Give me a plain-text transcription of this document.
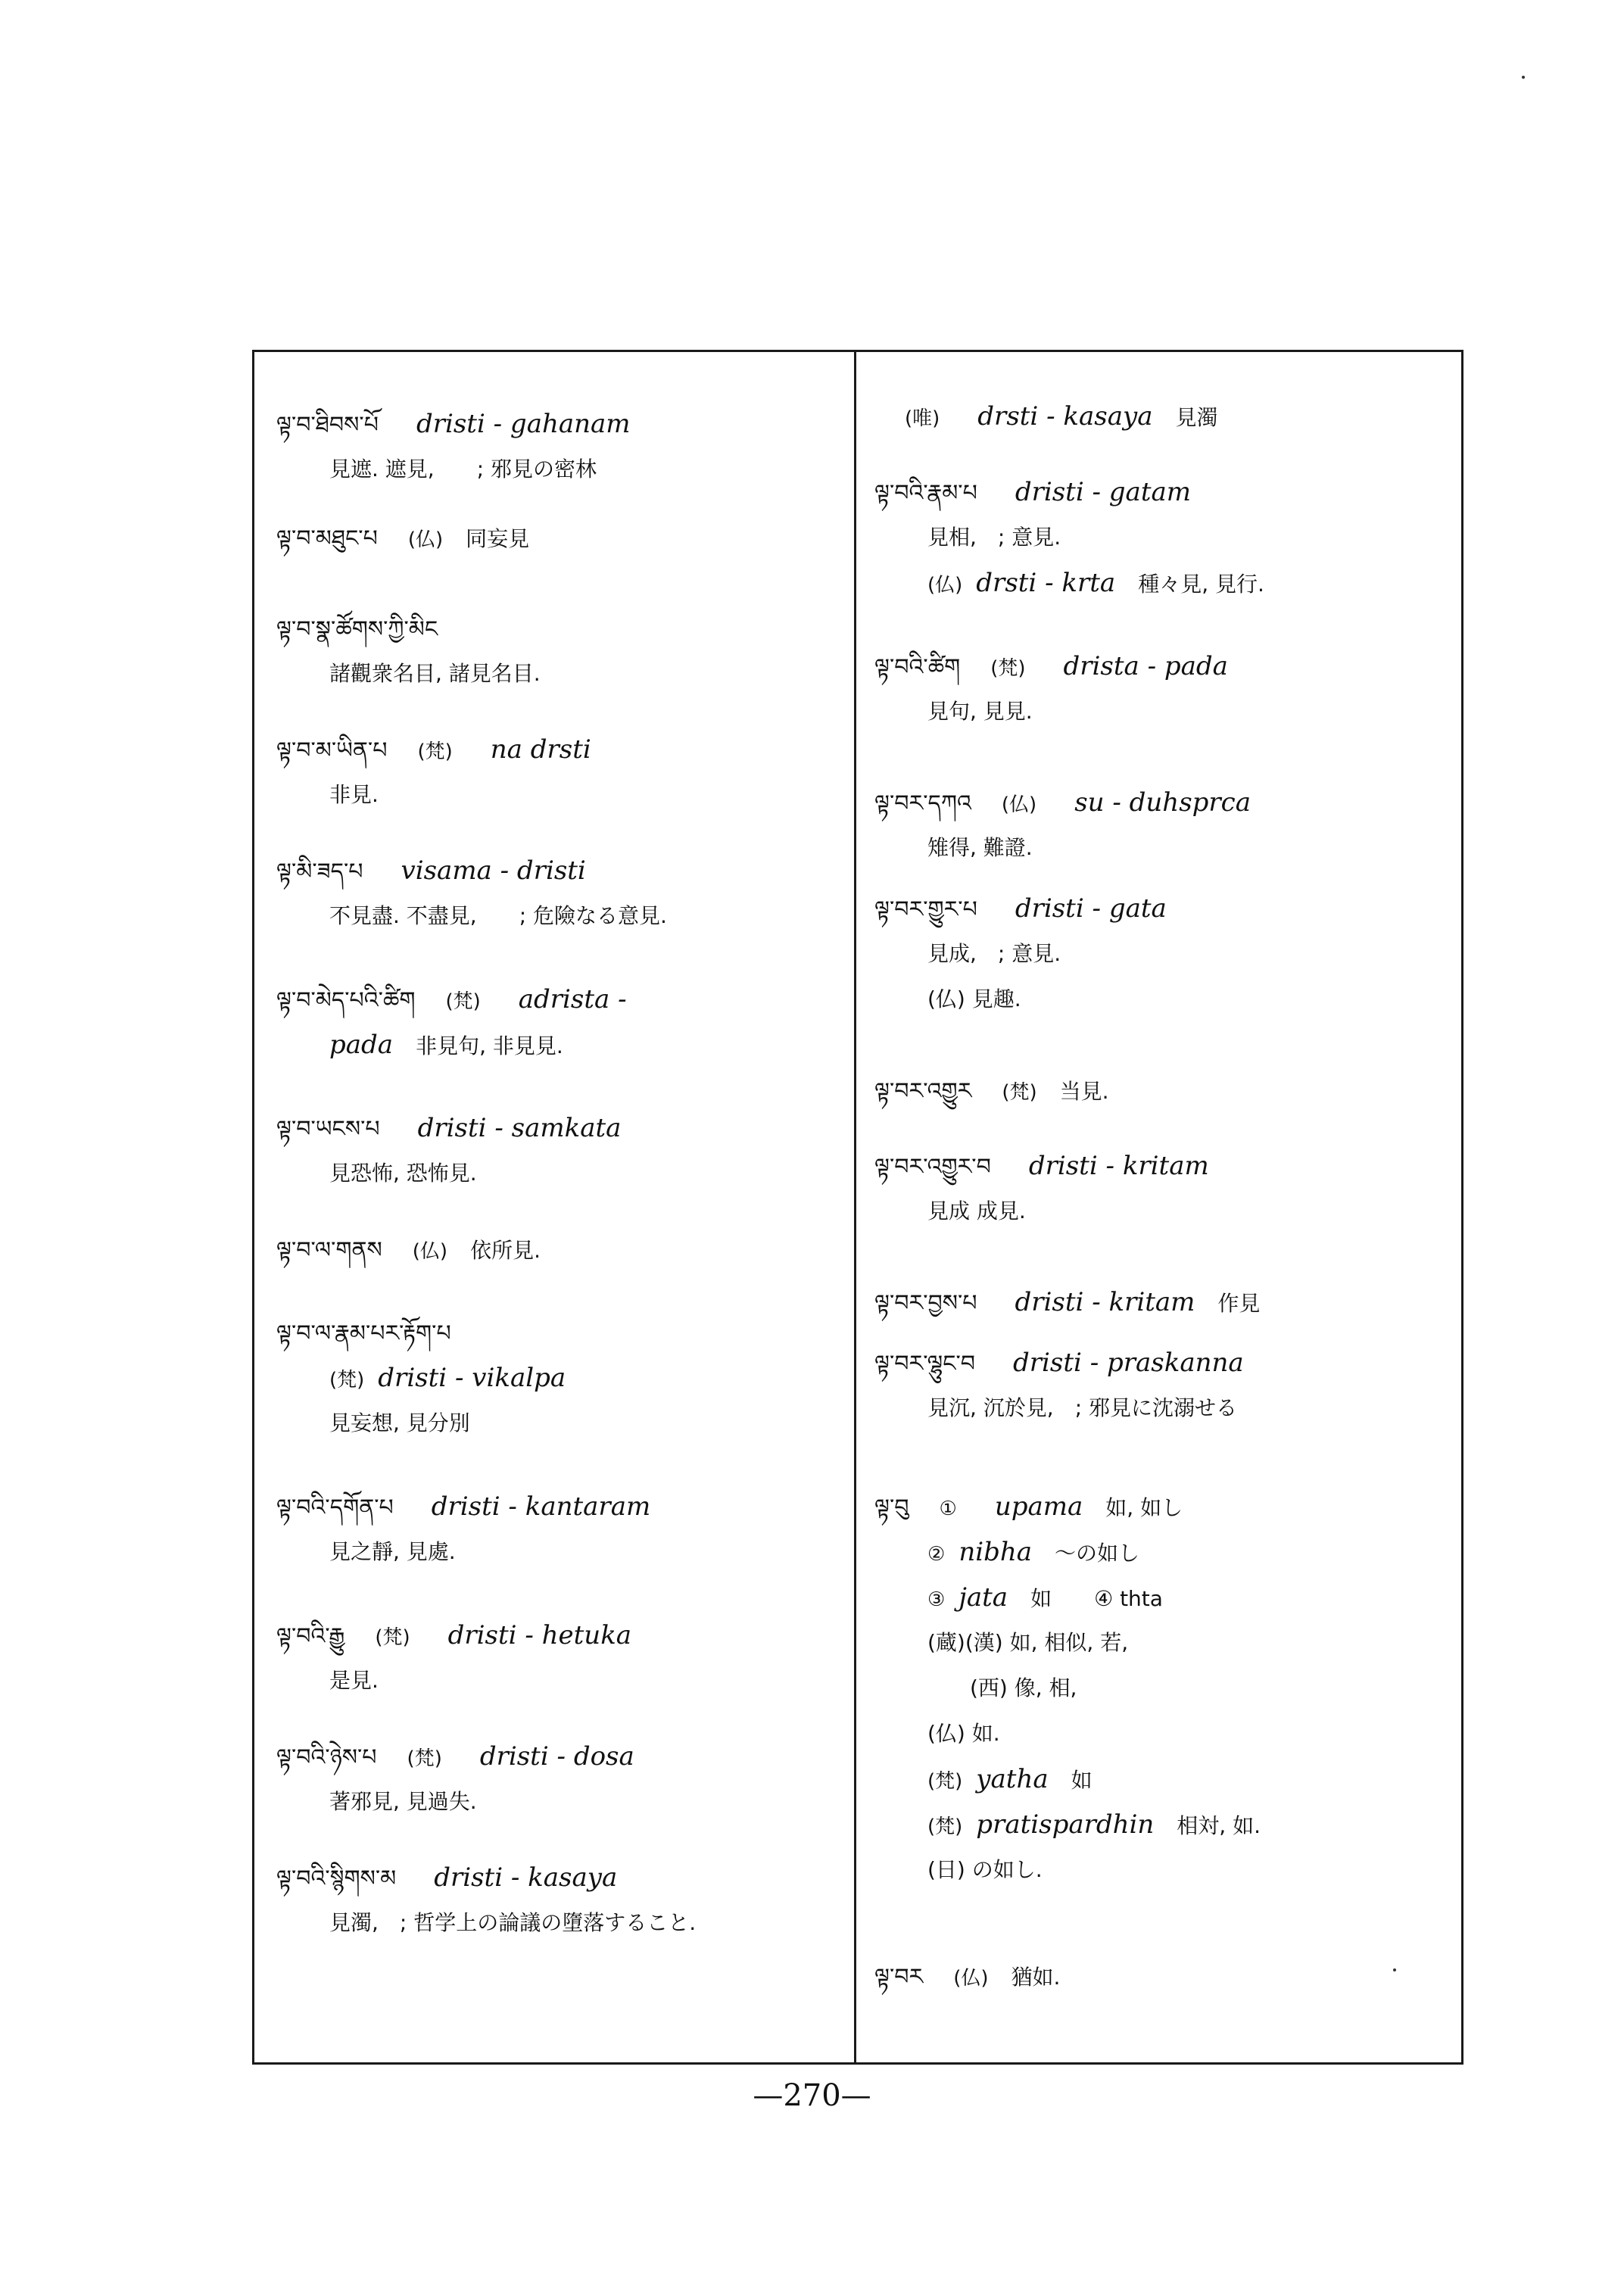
ལྟ་བ་ཐིབས་པོ dristi - gahanam
見遮. 遮見,　　; 邪見の密林
ལྟ་བ་མཐུང་པ (仏) 同妄見
ལྟ་བ་སྣ་ཚོགས་ཀྱི་མིང
諸觀衆名目, 諸見名目.
ལྟ་བ་མ་ཡིན་པ (梵) na drsti
非見.
ལྟ་མི་ཟད་པ visama - dristi
不見盡. 不盡見,　　; 危險なる意見.
ལྟ་བ་མེད་པའི་ཚིག (梵) adrista -
pada 非見句, 非見見.
ལྟ་བ་ཡངས་པ dristi - samkata
見恐怖, 恐怖見.
ལྟ་བ་ལ་གནས (仏) 依所見.
ལྟ་བ་ལ་རྣམ་པར་རྟོག་པ
(梵) dristi - vikalpa
見妄想, 見分別
ལྟ་བའི་དགོན་པ dristi - kantaram
見之靜, 見處.
ལྟ་བའི་རྒྱུ (梵) dristi - hetuka
是見.
ལྟ་བའི་ཉེས་པ (梵) dristi - dosa
著邪見, 見過失.
ལྟ་བའི་སྙིགས་མ dristi - kasaya
見濁,　; 哲学上の論議の墮落すること.
(唯) drsti - kasaya 見濁
ལྟ་བའི་རྣམ་པ dristi - gatam
見相,　; 意見.
(仏) drsti - krta 種々見, 見行.
ལྟ་བའི་ཚིག (梵) drista - pada
見句, 見見.
ལྟ་བར་དཀའ (仏) su - duhsprca
雉得, 難證.
ལྟ་བར་གྱུར་པ dristi - gata
見成,　; 意見.
(仏) 見趣.
ལྟ་བར་འགྱུར (梵) 当見.
ལྟ་བར་འགྱུར་བ dristi - kritam
見成 成見.
ལྟ་བར་བྱས་པ dristi - kritam 作見
ལྟ་བར་ལྷུང་བ dristi - praskanna
見沉, 沉於見,　; 邪見に沈溺せる
ལྟ་བུ ① upama 如, 如し
② nibha ～の如し
③ jata 如　　④ thta
(蔵)(漢) 如, 相似, 若,
　　(西) 像, 相,
(仏) 如.
(梵) yatha 如
(梵) pratispardhin 相対, 如.
(日) の如し.
ལྟ་བར (仏) 猶如.
—270—
